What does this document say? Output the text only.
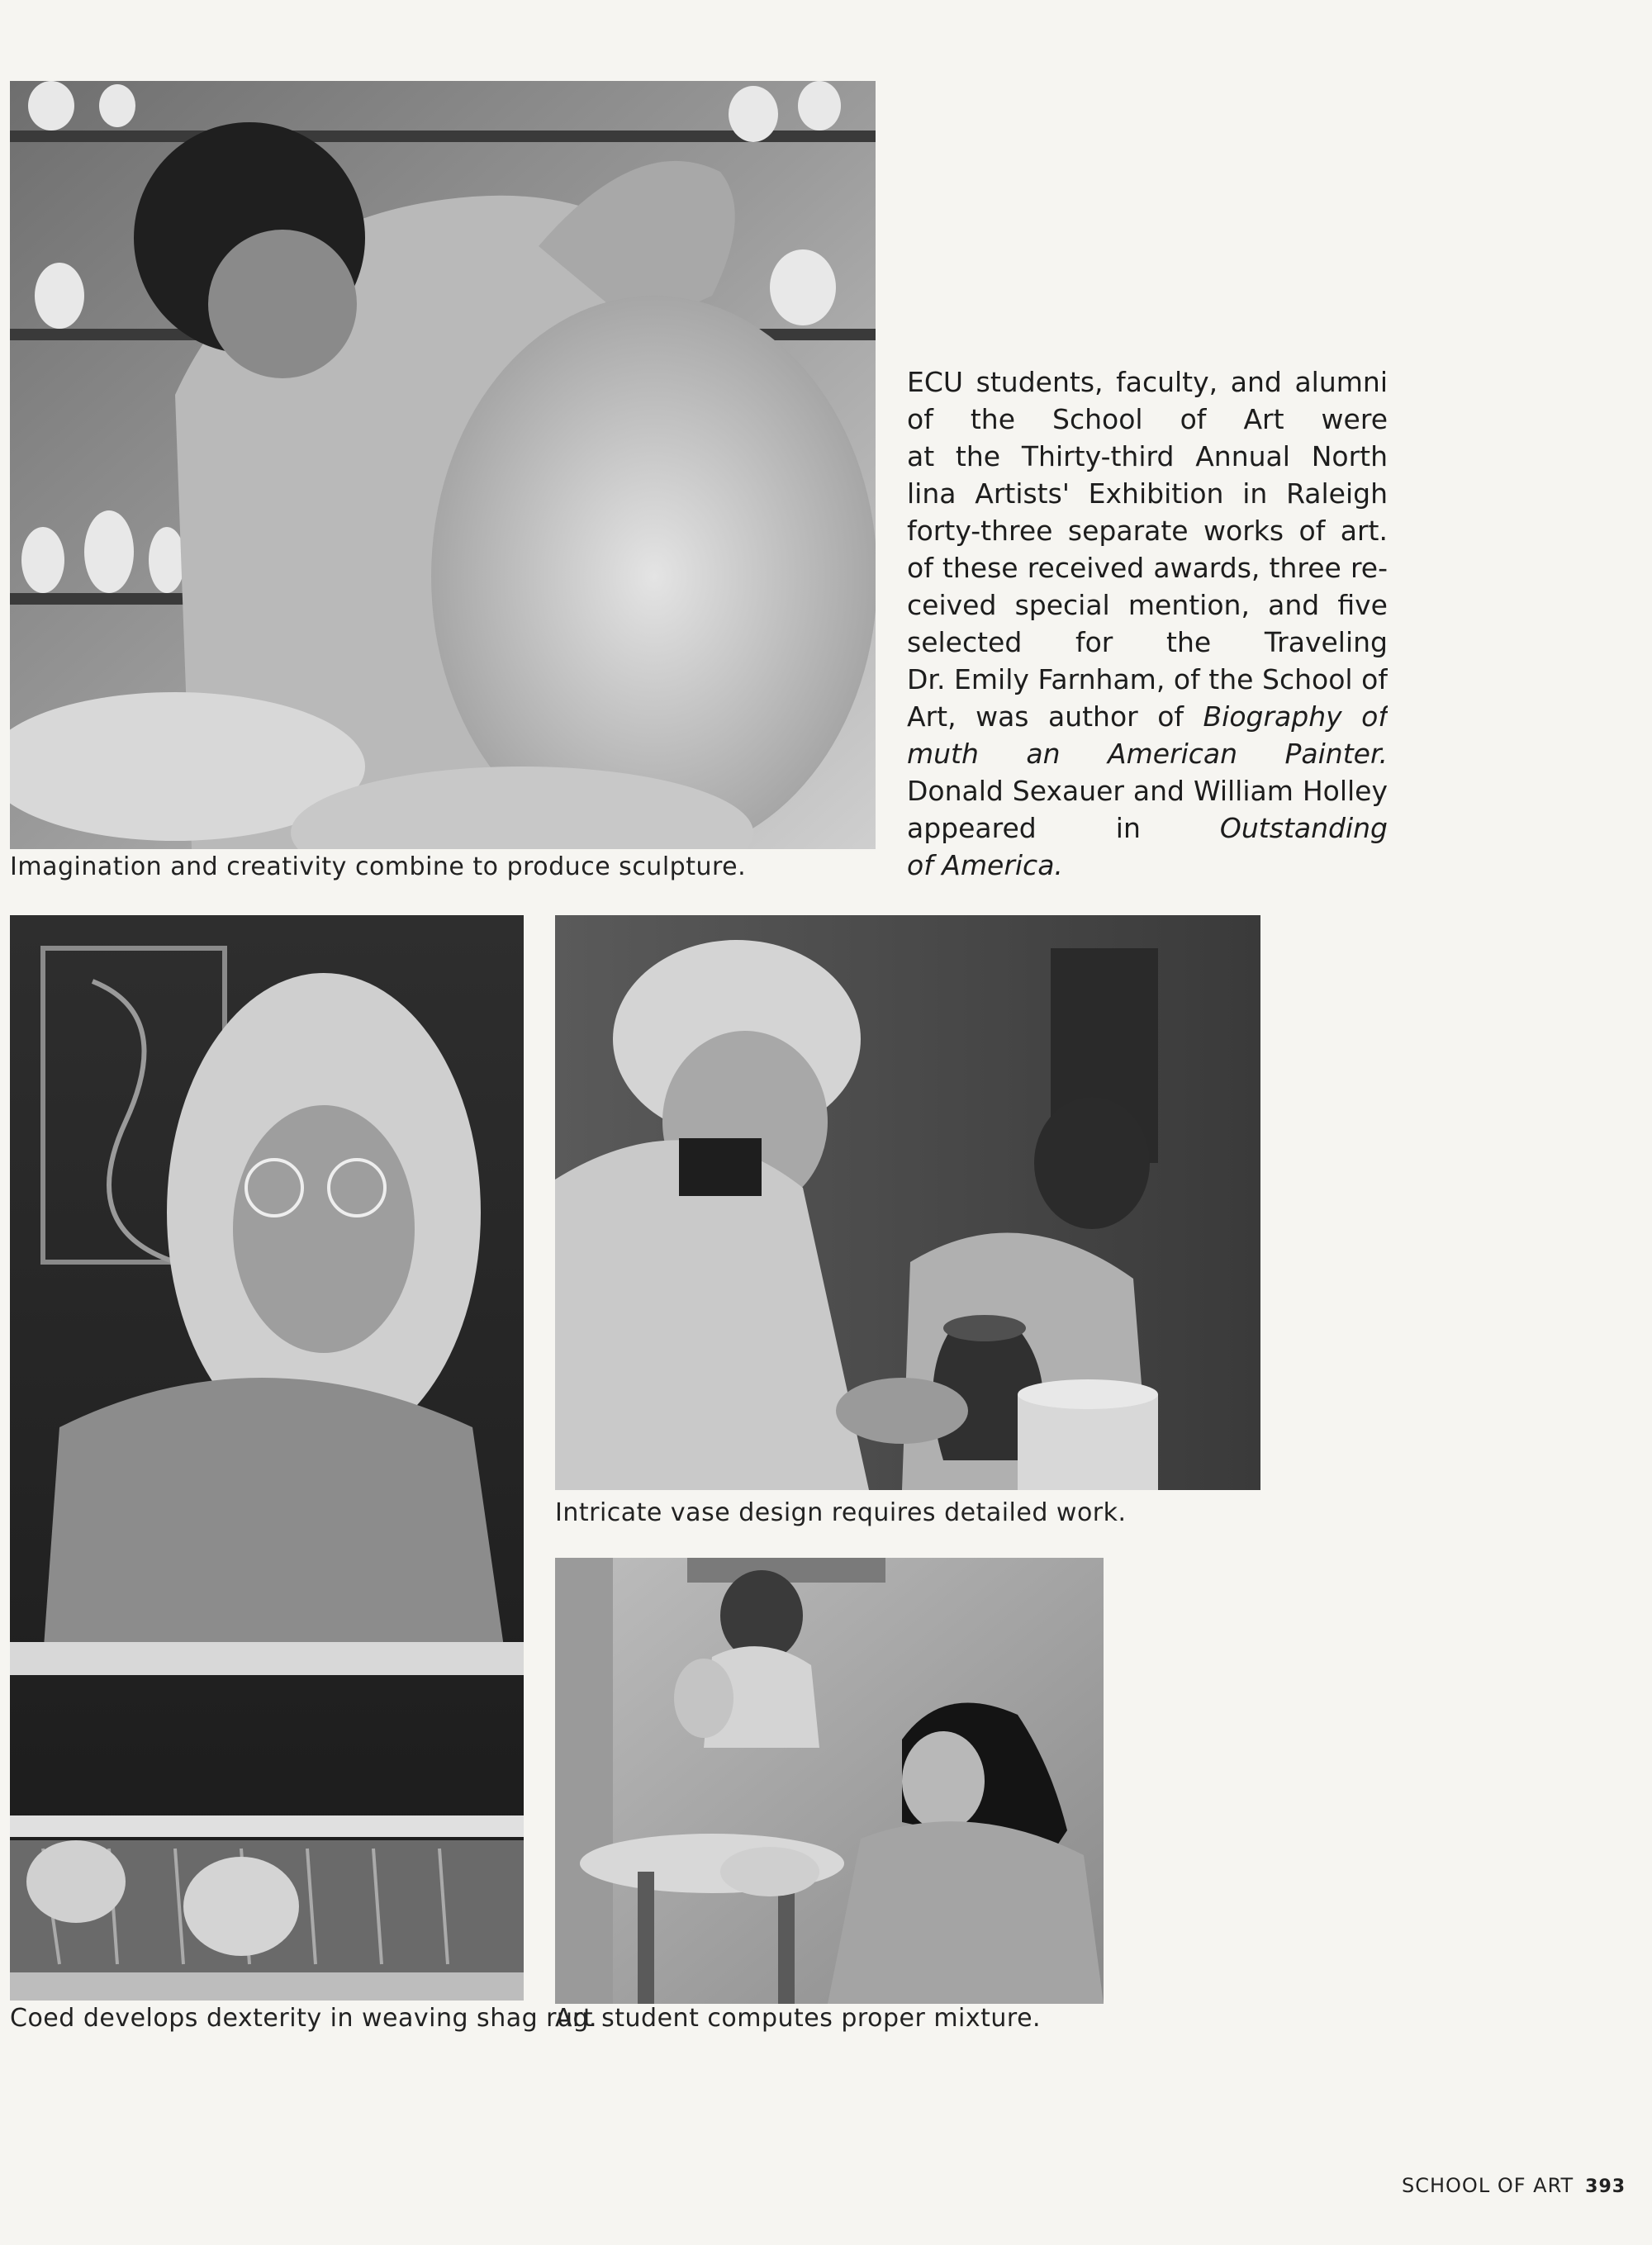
Imagination and creativity combine to produce sculpture.
ECU students, faculty, and alumni
of the School of Art were
at the Thirty-third Annual North
lina Artists' Exhibition in Raleigh
forty-three separate works of art.
of these received awards, three re-
ceived special mention, and five
selected for the Traveling
Dr. Emily Farnham, of the School of
Art, was author of Biography of
muth an American Painter.
Donald Sexauer and William Holley
appeared in Outstanding
of America.
Coed develops dexterity in weaving shag rug.
Intricate vase design requires detailed work.
Art student computes proper mixture.
SCHOOL OF ART 393
